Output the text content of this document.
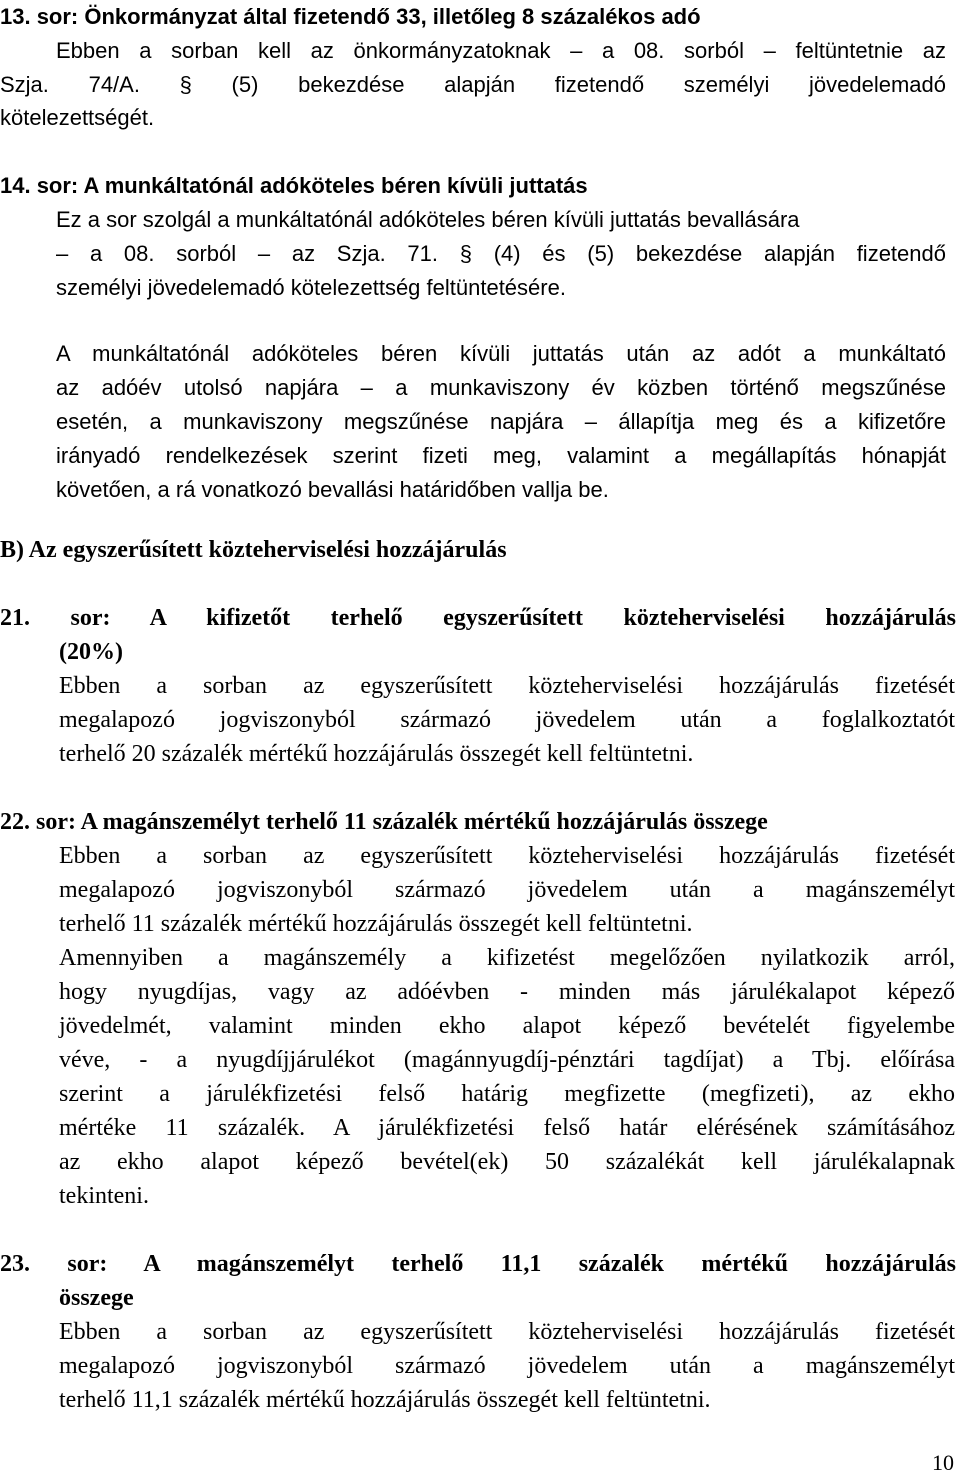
13. sor: Önkormányzat által fizetendő 33, illetőleg 8 százalékos adó
Ebben a sorban kell az önkormányzatoknak – a 08. sorból – feltüntetnie az
Szja. 74/A. § (5) bekezdése alapján fizetendő személyi jövedelemadó
kötelezettségét.
14. sor: A munkáltatónál adóköteles béren kívüli juttatás
Ez a sor szolgál a munkáltatónál adóköteles béren kívüli juttatás bevallására
– a 08. sorból – az Szja. 71. § (4) és (5) bekezdése alapján fizetendő
személyi jövedelemadó kötelezettség feltüntetésére.
A munkáltatónál adóköteles béren kívüli juttatás után az adót a munkáltató
az adóév utolsó napjára – a munkaviszony év közben történő megszűnése
esetén, a munkaviszony megszűnése napjára – állapítja meg és a kifizetőre
irányadó rendelkezések szerint fizeti meg, valamint a megállapítás hónapját
követően, a rá vonatkozó bevallási határidőben vallja be.
B) Az egyszerűsített közteherviselési hozzájárulás
21. sor: A kifizetőt terhelő egyszerűsített közteherviselési hozzájárulás
(20%)
Ebben a sorban az egyszerűsített közteherviselési hozzájárulás fizetését
megalapozó jogviszonyból származó jövedelem után a foglalkoztatót
terhelő 20 százalék mértékű hozzájárulás összegét kell feltüntetni.
22. sor: A magánszemélyt terhelő 11 százalék mértékű hozzájárulás összege
Ebben a sorban az egyszerűsített közteherviselési hozzájárulás fizetését
megalapozó jogviszonyból származó jövedelem után a magánszemélyt
terhelő 11 százalék mértékű hozzájárulás összegét kell feltüntetni.
Amennyiben a magánszemély a kifizetést megelőzően nyilatkozik arról,
hogy nyugdíjas, vagy az adóévben - minden más járulékalapot képező
jövedelmét, valamint minden ekho alapot képező bevételét figyelembe
véve, - a nyugdíjjárulékot (magánnyugdíj-pénztári tagdíjat) a Tbj. előírása
szerint a járulékfizetési felső határig megfizette (megfizeti), az ekho
mértéke 11 százalék. A járulékfizetési felső határ elérésének számításához
az ekho alapot képező bevétel(ek) 50 százalékát kell járulékalapnak
tekinteni.
23. sor: A magánszemélyt terhelő 11,1 százalék mértékű hozzájárulás
összege
Ebben a sorban az egyszerűsített közteherviselési hozzájárulás fizetését
megalapozó jogviszonyból származó jövedelem után a magánszemélyt
terhelő 11,1 százalék mértékű hozzájárulás összegét kell feltüntetni.
10
